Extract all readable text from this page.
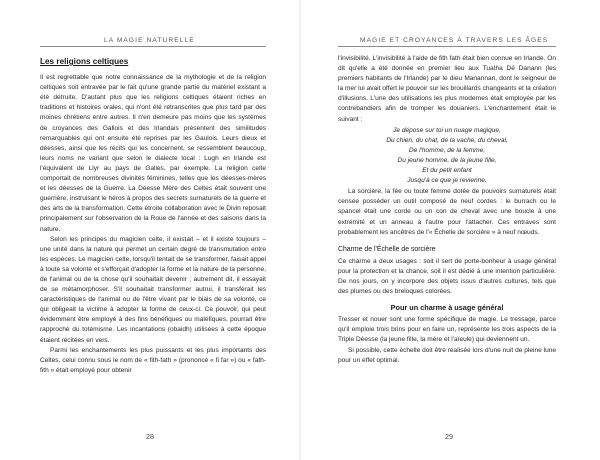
LA MAGIE NATURELLE
Les religions celtiques

Il est regrettable que notre connaissance de la mythologie et de la religion celtiques soit entravée par le fait qu'une grande partie du matériel existant a été détruite. D'autant plus que les religions celtiques étaient riches en traditions et histoires orales, qui n'ont été retranscrites que plus tard par des moines chrétiens entre autres. Il n'en demeure pas moins que les systèmes de croyances des Gallois et des Irlandais présentent des similitudes remarquables qui ont ensuite été reprises par les Gaulois. Leurs dieux et déesses, ainsi que les récits qui les concernent, se ressemblent beaucoup, leurs noms ne variant que selon le dialecte local : Lugh en Irlande est l'équivalent de Llyr au pays de Galles, par exemple. La religion celte comportait de nombreuses divinités féminines, telles que les déesses-mères et les déesses de la Guerre. La Déesse Mère des Celtes était souvent une guerrière, instruisant le héros à propos des secrets surnaturels de la guerre et des arts de la transformation. Cette étroite collaboration avec le Divin reposait principalement sur l'observation de la Roue de l'année et des saisons dans la nature.

Selon les principes du magicien celte, il existait – et il existe toujours – une unité dans la nature qui permet un certain degré de transmutation entre les espèces. Le magicien celte, lorsqu'il tentait de se transformer, faisait appel à toute sa volonté et s'efforçait d'adopter la forme et la nature de la personne, de l'animal ou de la chose qu'il souhaitait devenir ; autrement dit, il essayait de se métamorphoser. S'il souhaitait transformer autrui, il transférait les caractéristiques de l'animal ou de l'être vivant par le biais de sa volonté, ce qui obligeait la victime à adopter la forme de ceux-ci. Ce pouvoir, qui peut évidemment être employé à des fins bénéfiques ou maléfiques, pourrait être rapproché du totémisme. Les incantations (obaidh) utilisées à cette époque étaient récitées en vers.

Parmi les enchantements les plus puissants et les plus importants des Celtes, celui connu sous le nom de « fith-fath » (prononcé « fi far ») ou « fath-fith » était employé pour obtenir

28
MAGIE ET CROYANCES À TRAVERS LES ÂGES

l'invisibilité. L'invisibilité à l'aide de fith fath était bien connue en Irlande. On dit qu'elle a été donnée en premier lieu aux Tuatha Dé Danann (les premiers habitants de l'Irlande) par le dieu Manannan, dont le seigneur de la mer lui avait offert le pouvoir sur les brouillards changeants et la création d'illusions. L'une des utilisations les plus modernes était employée par les contrebandiers afin de tromper les douaniers. L'enchantement était le suivant :

Je dépose sur toi un nuage magique,
Du chien, du chat, de la vache, du cheval,
De l'homme, de la femme,
Du jeune homme, de la jeune fille,
Et du petit enfant
Jusqu'à ce que je revienne.

La sorcière, la fée ou toute femme dotée de pouvoirs surnaturels était censée posséder un outil composé de neuf cordes : le burrach ou le spancel était une corde ou un con de cheval avec une boucle à une extrémité et un anneau à l'autre pour l'attacher. Ces entraves sont probablement les ancêtres de l'« Échelle de sorcière » à neuf nœuds.

Charme de l'Échelle de sorcière

Ce charme a deux usages : soit il sert de porte-bonheur à usage général pour la protection et la chance, soit il est dédié à une intention particulière. De nos jours, on y incorpore des objets issus d'autres cultures, tels que des plumes ou des breloques colorées.

Pour un charme à usage général

Tresser et nouer sont une forme spécifique de magie. Le tressage, parce qu'il emploie trois brins pour en faire un, représente les trois aspects de la Triple Déesse (la jeune fille, la mère et l'aïeule) qui deviennent un.

Si possible, cette échelle doit être réalisée lors d'une nuit de pleine lune pour un effet optimal.

29
